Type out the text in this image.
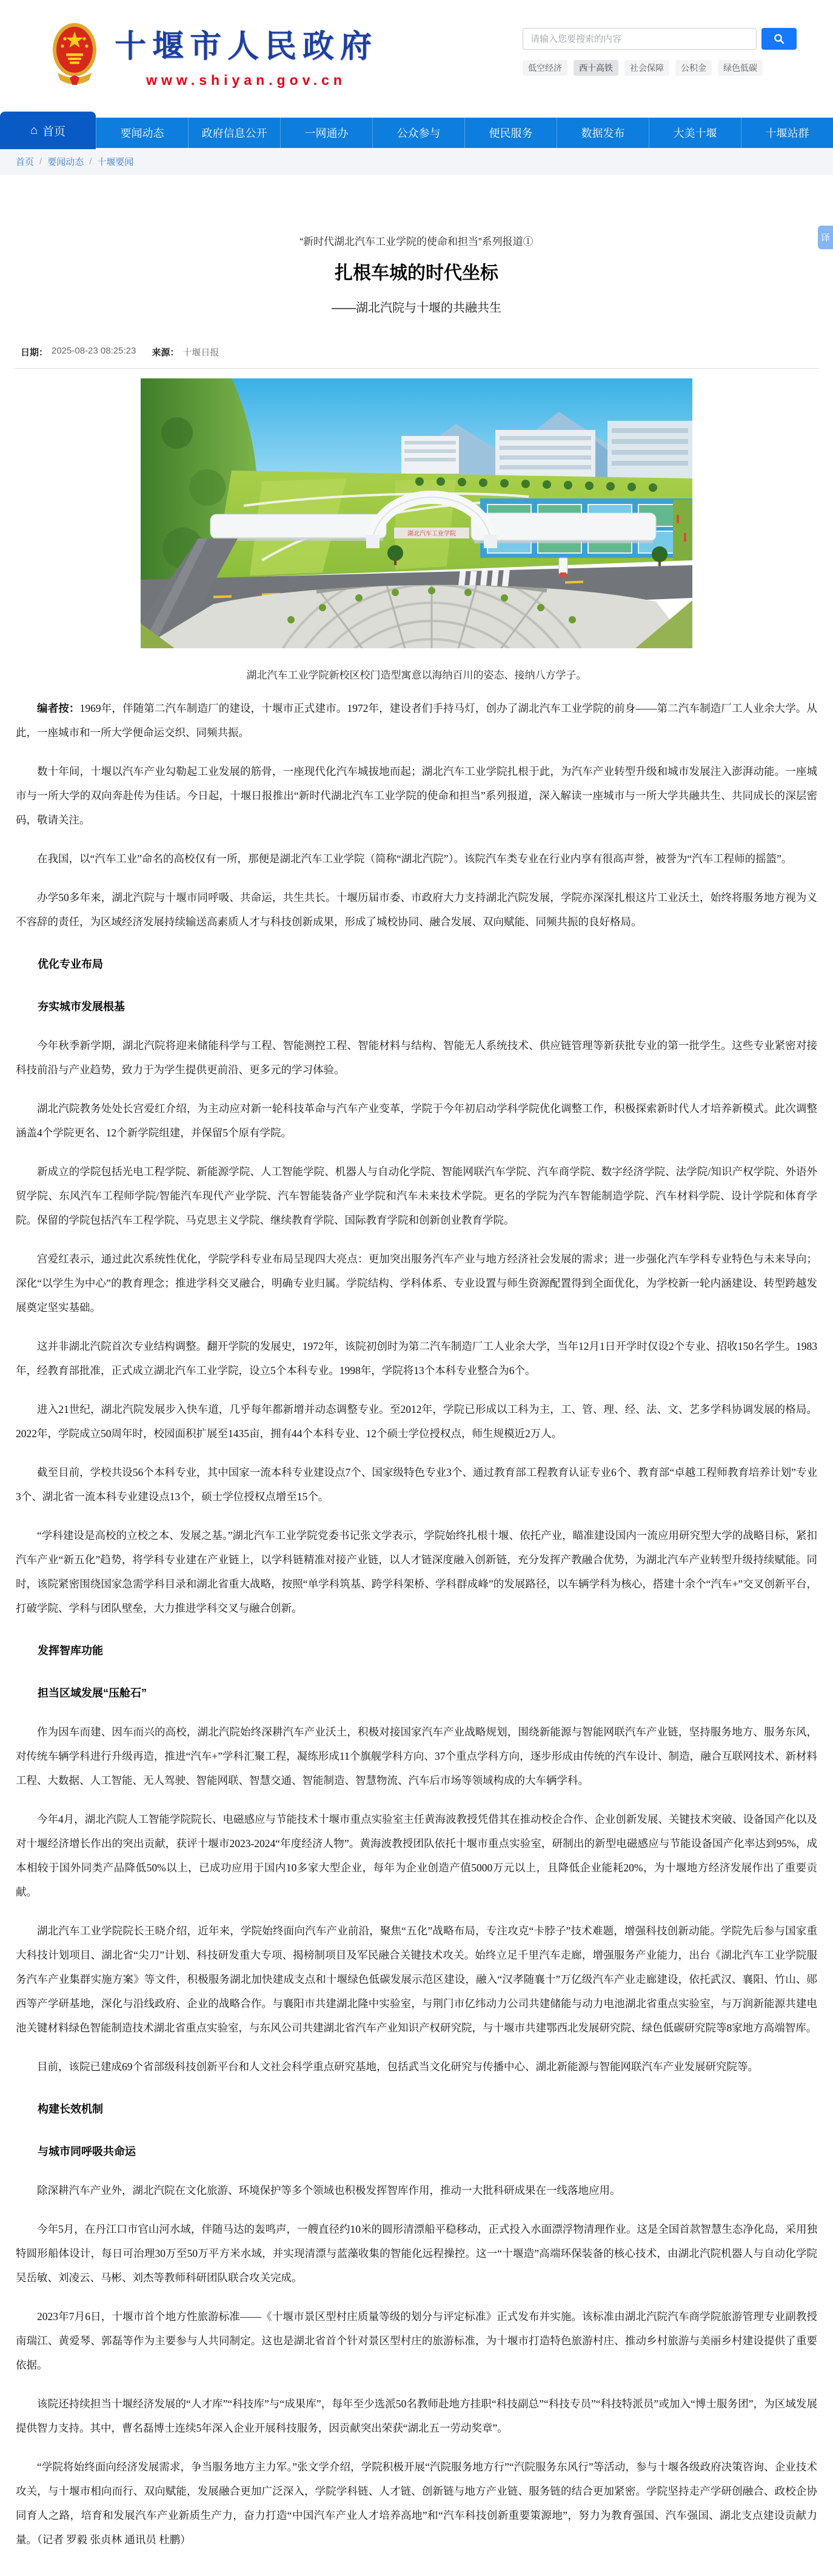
十堰市人民政府
www.shiyan.gov.cn
请输入您要搜索的内容
低空经济	西十高铁	社会保障	公积金	绿色低碳
⌂ 首页	要闻动态	政府信息公开	一网通办	公众参与	便民服务	数据发布	大美十堰	十堰站群
首页 / 要闻动态 / 十堰要闻
译
“新时代湖北汽车工业学院的使命和担当”系列报道①
扎根车城的时代坐标
——湖北汽院与十堰的共融共生
日期： 2025-08-23 08:25:23 来源： 十堰日报
湖北汽车工业学院
湖北汽车工业学院新校区校门造型寓意以海纳百川的姿态、接纳八方学子。

编者按：1969年，伴随第二汽车制造厂的建设，十堰市正式建市。1972年，建设者们手持马灯，创办了湖北汽车工业学院的前身——第二汽车制造厂工人业余大学。从此，一座城市和一所大学便命运交织、同频共振。

数十年间，十堰以汽车产业勾勒起工业发展的筋骨，一座现代化汽车城拔地而起；湖北汽车工业学院扎根于此，为汽车产业转型升级和城市发展注入澎湃动能。一座城市与一所大学的双向奔赴传为佳话。今日起，十堰日报推出“新时代湖北汽车工业学院的使命和担当”系列报道，深入解读一座城市与一所大学共融共生、共同成长的深层密码，敬请关注。

在我国，以“汽车工业”命名的高校仅有一所，那便是湖北汽车工业学院（简称“湖北汽院”）。该院汽车类专业在行业内享有很高声誉，被誉为“汽车工程师的摇篮”。

办学50多年来，湖北汽院与十堰市同呼吸、共命运，共生共长。十堰历届市委、市政府大力支持湖北汽院发展，学院亦深深扎根这片工业沃土，始终将服务地方视为义不容辞的责任，为区域经济发展持续输送高素质人才与科技创新成果，形成了城校协同、融合发展、双向赋能、同频共振的良好格局。

优化专业布局

夯实城市发展根基

今年秋季新学期，湖北汽院将迎来储能科学与工程、智能测控工程、智能材料与结构、智能无人系统技术、供应链管理等新获批专业的第一批学生。这些专业紧密对接科技前沿与产业趋势，致力于为学生提供更前沿、更多元的学习体验。

湖北汽院教务处处长宫爱红介绍，为主动应对新一轮科技革命与汽车产业变革，学院于今年初启动学科学院优化调整工作，积极探索新时代人才培养新模式。此次调整涵盖4个学院更名、12个新学院组建，并保留5个原有学院。

新成立的学院包括光电工程学院、新能源学院、人工智能学院、机器人与自动化学院、智能网联汽车学院、汽车商学院、数字经济学院、法学院/知识产权学院、外语外贸学院、东风汽车工程师学院/智能汽车现代产业学院、汽车智能装备产业学院和汽车未来技术学院。更名的学院为汽车智能制造学院、汽车材料学院、设计学院和体育学院。保留的学院包括汽车工程学院、马克思主义学院、继续教育学院、国际教育学院和创新创业教育学院。

宫爱红表示，通过此次系统性优化，学院学科专业布局呈现四大亮点：更加突出服务汽车产业与地方经济社会发展的需求；进一步强化汽车学科专业特色与未来导向；深化“以学生为中心”的教育理念；推进学科交叉融合，明确专业归属。学院结构、学科体系、专业设置与师生资源配置得到全面优化，为学校新一轮内涵建设、转型跨越发展奠定坚实基础。

这并非湖北汽院首次专业结构调整。翻开学院的发展史，1972年，该院初创时为第二汽车制造厂工人业余大学，当年12月1日开学时仅设2个专业、招收150名学生。1983年，经教育部批准，正式成立湖北汽车工业学院，设立5个本科专业。1998年，学院将13个本科专业整合为6个。

进入21世纪，湖北汽院发展步入快车道，几乎每年都新增并动态调整专业。至2012年，学院已形成以工科为主，工、管、理、经、法、文、艺多学科协调发展的格局。2022年，学院成立50周年时，校园面积扩展至1435亩，拥有44个本科专业、12个硕士学位授权点，师生规模近2万人。

截至目前，学校共设56个本科专业，其中国家一流本科专业建设点7个、国家级特色专业3个、通过教育部工程教育认证专业6个、教育部“卓越工程师教育培养计划”专业3个、湖北省一流本科专业建设点13个，硕士学位授权点增至15个。

“学科建设是高校的立校之本、发展之基。”湖北汽车工业学院党委书记张文学表示，学院始终扎根十堰、依托产业，瞄准建设国内一流应用研究型大学的战略目标，紧扣汽车产业“新五化”趋势，将学科专业建在产业链上，以学科链精准对接产业链，以人才链深度融入创新链，充分发挥产教融合优势，为湖北汽车产业转型升级持续赋能。同时，该院紧密围绕国家急需学科目录和湖北省重大战略，按照“单学科筑基、跨学科架桥、学科群成峰”的发展路径，以车辆学科为核心，搭建十余个“汽车+”交叉创新平台，打破学院、学科与团队壁垒，大力推进学科交叉与融合创新。

发挥智库功能

担当区域发展“压舱石”

作为因车而建、因车而兴的高校，湖北汽院始终深耕汽车产业沃土，积极对接国家汽车产业战略规划，围绕新能源与智能网联汽车产业链，坚持服务地方、服务东风，对传统车辆学科进行升级再造，推进“汽车+”学科汇聚工程，凝练形成11个旗舰学科方向、37个重点学科方向，逐步形成由传统的汽车设计、制造，融合互联网技术、新材料工程、大数据、人工智能、无人驾驶、智能网联、智慧交通、智能制造、智慧物流、汽车后市场等领域构成的大车辆学科。

今年4月，湖北汽院人工智能学院院长、电磁感应与节能技术十堰市重点实验室主任黄海波教授凭借其在推动校企合作、企业创新发展、关键技术突破、设备国产化以及对十堰经济增长作出的突出贡献，获评十堰市2023-2024“年度经济人物”。黄海波教授团队依托十堰市重点实验室，研制出的新型电磁感应与节能设备国产化率达到95%，成本相较于国外同类产品降低50%以上，已成功应用于国内10多家大型企业，每年为企业创造产值5000万元以上，且降低企业能耗20%，为十堰地方经济发展作出了重要贡献。

湖北汽车工业学院院长王晓介绍，近年来，学院始终面向汽车产业前沿，聚焦“五化”战略布局，专注攻克“卡脖子”技术难题，增强科技创新动能。学院先后参与国家重大科技计划项目、湖北省“尖刀”计划、科技研发重大专项、揭榜制项目及军民融合关键技术攻关。始终立足千里汽车走廊，增强服务产业能力，出台《湖北汽车工业学院服务汽车产业集群实施方案》等文件，积极服务湖北加快建成支点和十堰绿色低碳发展示范区建设，融入“汉孝随襄十”万亿级汽车产业走廊建设，依托武汉、襄阳、竹山、郧西等产学研基地，深化与沿线政府、企业的战略合作。与襄阳市共建湖北隆中实验室，与荆门市亿纬动力公司共建储能与动力电池湖北省重点实验室，与万润新能源共建电池关键材料绿色智能制造技术湖北省重点实验室，与东风公司共建湖北省汽车产业知识产权研究院，与十堰市共建鄂西北发展研究院、绿色低碳研究院等8家地方高端智库。

目前，该院已建成69个省部级科技创新平台和人文社会科学重点研究基地，包括武当文化研究与传播中心、湖北新能源与智能网联汽车产业发展研究院等。

构建长效机制

与城市同呼吸共命运

除深耕汽车产业外，湖北汽院在文化旅游、环境保护等多个领域也积极发挥智库作用，推动一大批科研成果在一线落地应用。

今年5月，在丹江口市官山河水域，伴随马达的轰鸣声，一艘直径约10米的圆形清漂船平稳移动，正式投入水面漂浮物清理作业。这是全国首款智慧生态净化岛，采用独特圆形船体设计，每日可治理30万至50万平方米水域，并实现清漂与蓝藻收集的智能化远程操控。这一“十堰造”高端环保装备的核心技术，由湖北汽院机器人与自动化学院吴岳敏、刘凌云、马彬、刘杰等教师科研团队联合攻关完成。

2023年7月6日，十堰市首个地方性旅游标准——《十堰市景区型村庄质量等级的划分与评定标准》正式发布并实施。该标准由湖北汽院汽车商学院旅游管理专业副教授南瑞江、黄爱琴、郭磊等作为主要参与人共同制定。这也是湖北省首个针对景区型村庄的旅游标准，为十堰市打造特色旅游村庄、推动乡村旅游与美丽乡村建设提供了重要依据。

该院还持续担当十堰经济发展的“人才库”“科技库”与“成果库”，每年至少选派50名教师赴地方挂职“科技副总”“科技专员”“科技特派员”或加入“博士服务团”，为区域发展提供智力支持。其中，曹名磊博士连续5年深入企业开展科技服务，因贡献突出荣获“湖北五一劳动奖章”。

“学院将始终面向经济发展需求，争当服务地方主力军。”张文学介绍，学院积极开展“汽院服务地方行”“汽院服务东风行”等活动，参与十堰各级政府决策咨询、企业技术攻关，与十堰市相向而行、双向赋能，发展融合更加广泛深入，学院学科链、人才链、创新链与地方产业链、服务链的结合更加紧密。学院坚持走产学研创融合、政校企协同育人之路，培育和发展汽车产业新质生产力，奋力打造“中国汽车产业人才培养高地”和“汽车科技创新重要策源地”，努力为教育强国、汽车强国、湖北支点建设贡献力量。（记者 罗毅 张贞林 通讯员 杜鹏）
